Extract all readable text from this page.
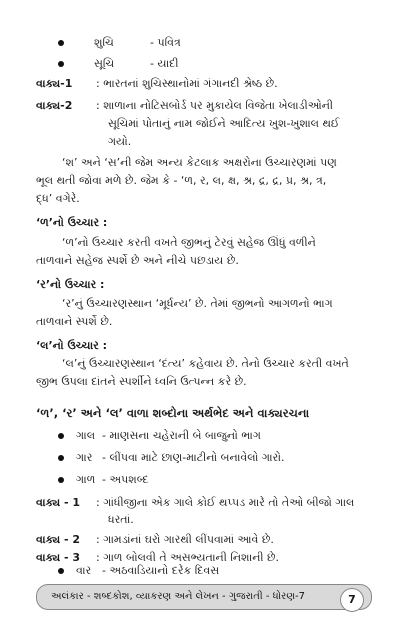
શુચિ	- પવિત્ર
સૂચિ	- યાદી
વાક્ય-1 : ભારતનાં શુચિસ્થાનોમાં ગંગાનદી શ્રેષ્ઠ છે.
વાક્ય-2 : શાળાના નોટિસબોર્ડ પર મુકાયેલ વિજેતા ખેલાડીઓની
સૂચિમાં પોતાનું નામ જોઈને આદિત્ય ખુશ-ખુશાલ થઈ
ગયો.
‘શ’ અને ‘સ’ની જેમ અન્ય કેટલાક અક્ષરોના ઉચ્ચારણમાં પણ
ભૂલ થતી જોવા મળે છે. જેમ કે - ‘ળ, ર, લ, ક્ષ, શ્ર, દ્ર, દ્ર, પ્ર, શ્ર, ત્ર,
દ્ધ’ વગેરે.
‘ળ’નો ઉચ્ચાર :
‘ળ’નો ઉચ્ચાર કરતી વખતે જીભનું ટેરવું સહેજ ઊંધું વળીને
તાળવાને સહેજ સ્પર્શે છે અને નીચે પછડાય છે.
‘ર’નો ઉચ્ચાર :
‘ર’નું ઉચ્ચારણસ્થાન ‘મૂર્ધન્ય’ છે. તેમાં જીભનો આગળનો ભાગ
તાળવાને સ્પર્શે છે.
‘લ’નો ઉચ્ચાર :
‘લ’નું ઉચ્ચારણસ્થાન ‘દંત્ય’ કહેવાય છે. તેનો ઉચ્ચાર કરતી વખતે
જીભ ઉપલા દાંતને સ્પર્શીને ધ્વનિ ઉત્પન્ન કરે છે.
‘ળ’, ‘ર’ અને ‘લ’ વાળા શબ્દોના અર્થભેદ અને વાક્યરચના
ગાલ - માણસના ચહેરાની બે બાજુનો ભાગ
ગાર - લીંપવા માટે છાણ-માટીનો બનાવેલો ગારો.
ગાળ - અપશબ્દ
વાક્ય - 1 : ગાંધીજીના એક ગાલે કોઈ થપ્પડ મારે તો તેઓ બીજો ગાલ
ધરતાં.
વાક્ય - 2 : ગામડાંનાં ઘરો ગારથી લીંપવામાં આવે છે.
વાક્ય - 3 : ગાળ બોલવી તે અસભ્યતાની નિશાની છે.
વાર - અઠવાડિયાનો દરેક દિવસ
અલંકાર - શબ્દકોશ, વ્યાકરણ અને લેખન - ગુજરાતી - ધોરણ-7	7
